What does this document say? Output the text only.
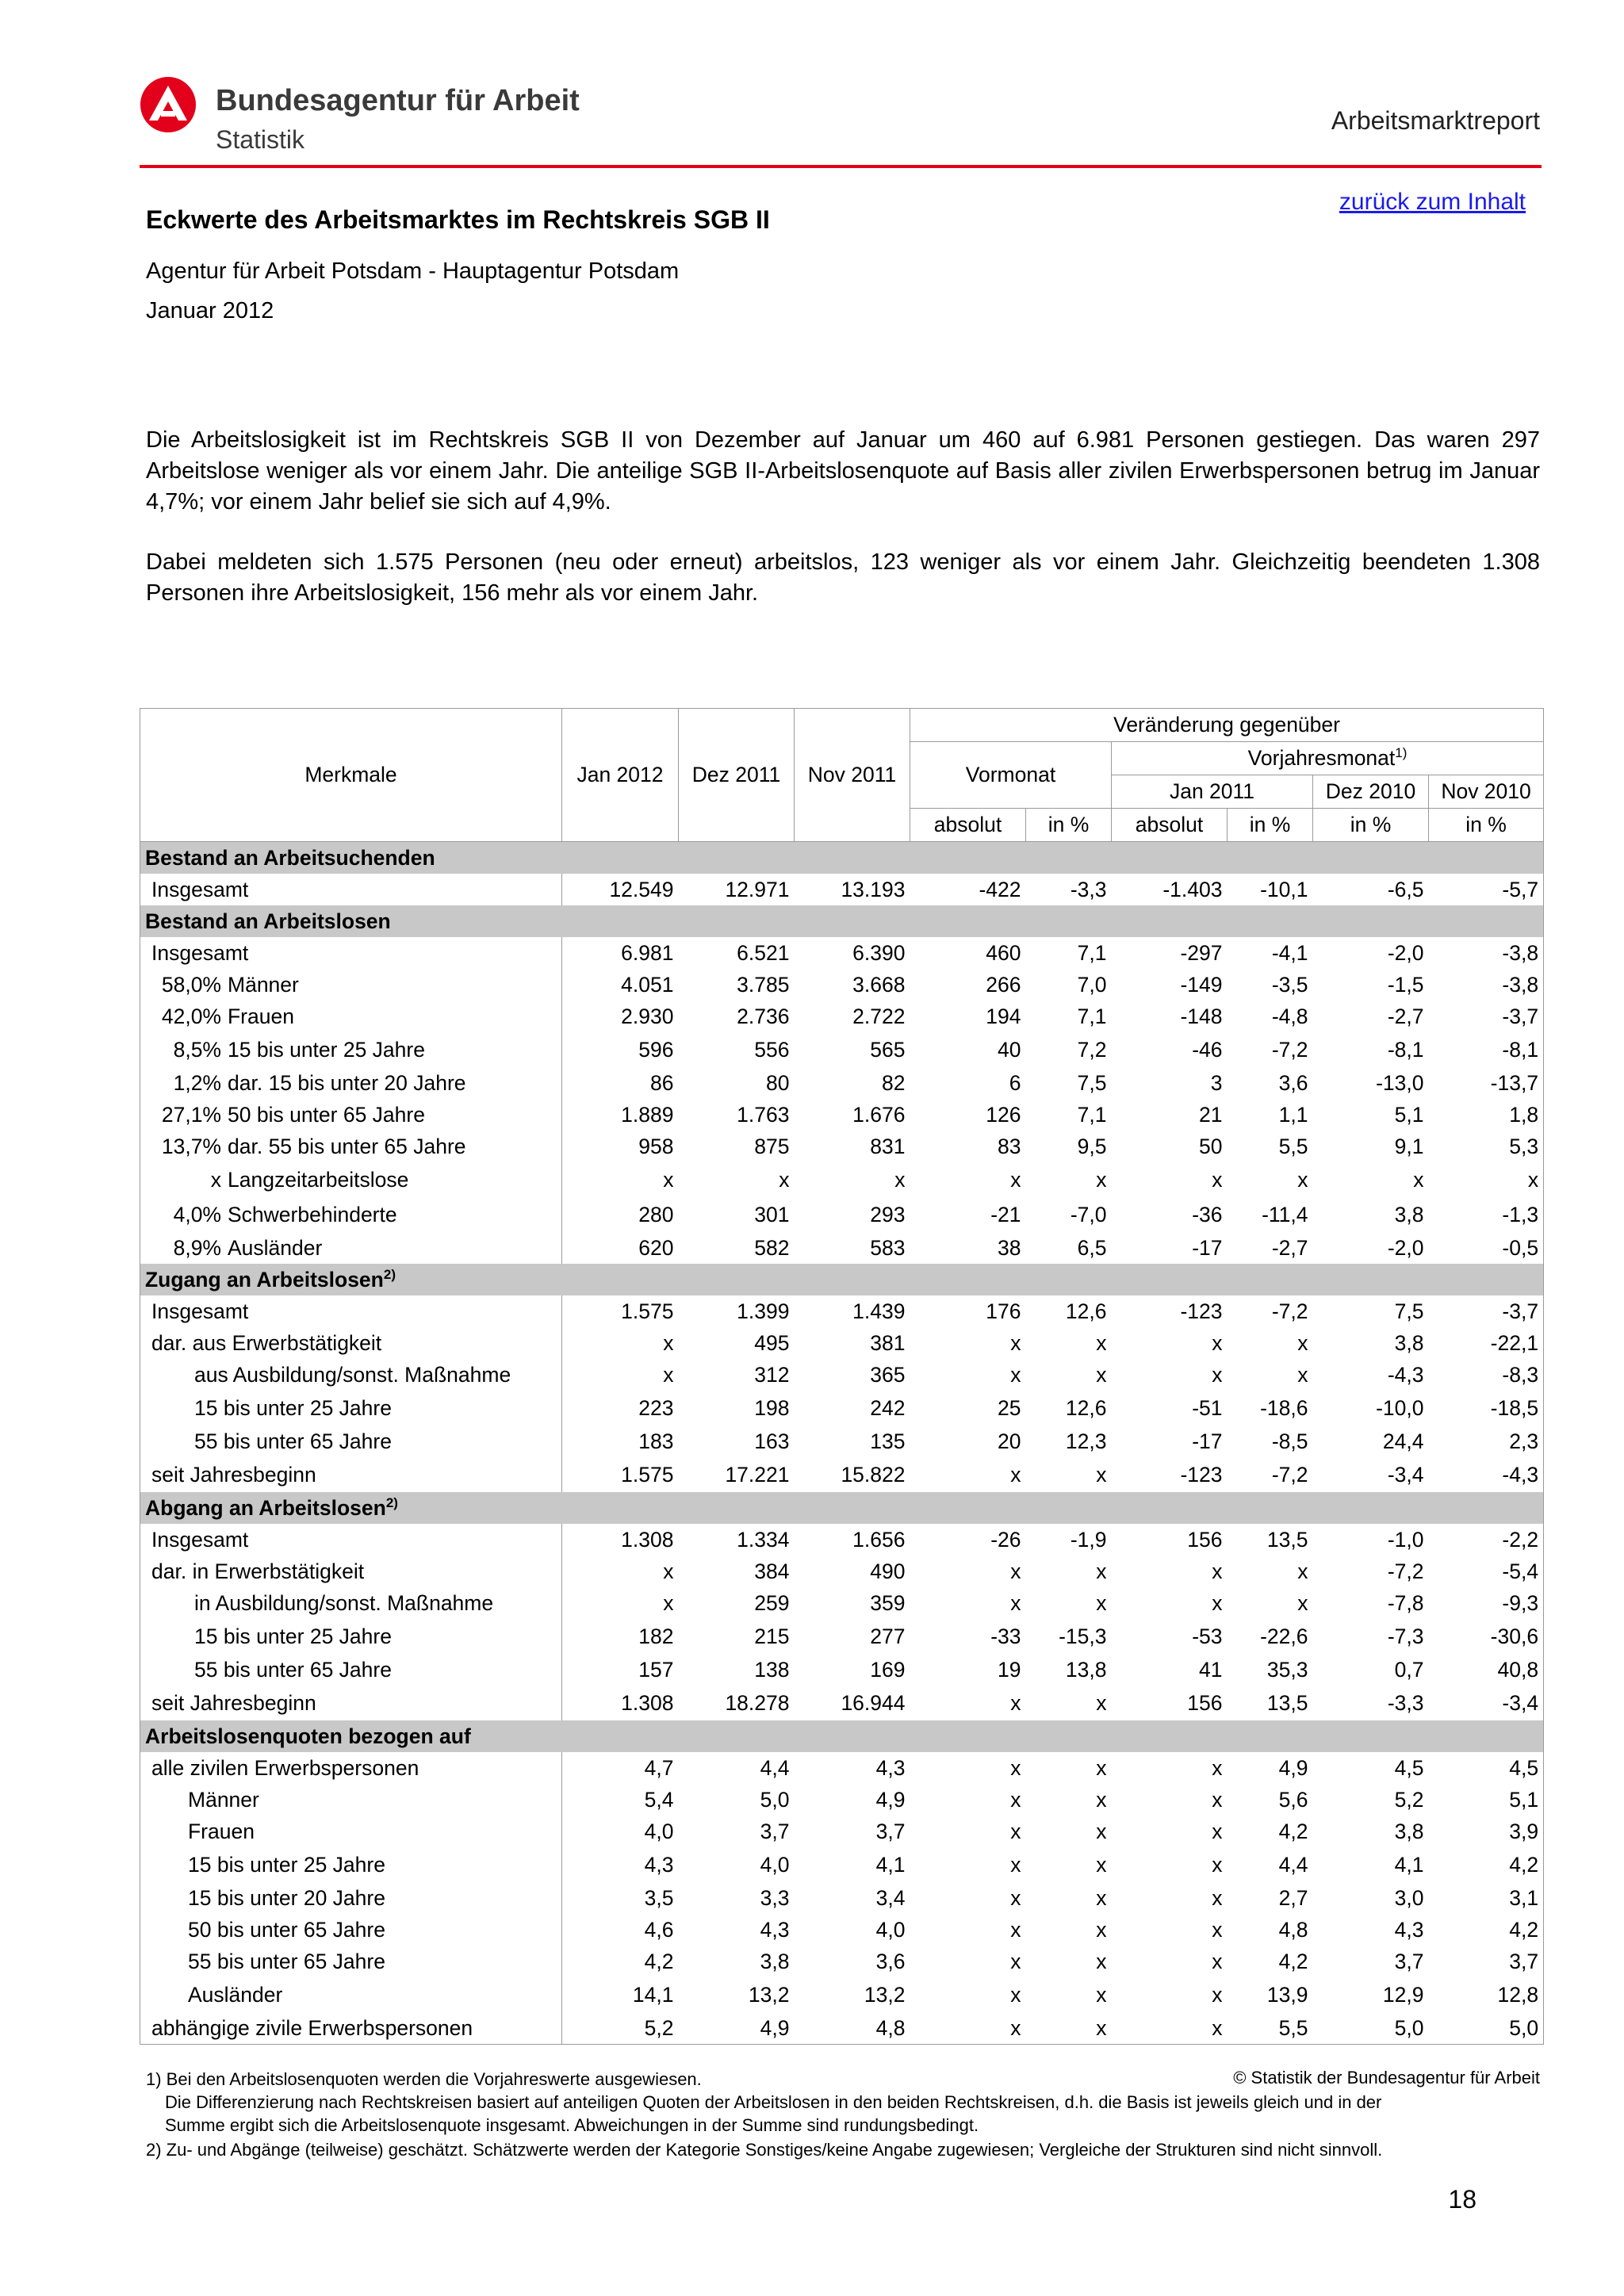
Bundesagentur für Arbeit
Statistik
Arbeitsmarktreport
zurück zum Inhalt
Eckwerte des Arbeitsmarktes im Rechtskreis SGB II
Agentur für Arbeit Potsdam - Hauptagentur Potsdam
Januar 2012

Die Arbeitslosigkeit ist im Rechtskreis SGB II von Dezember auf Januar um 460 auf 6.981 Personen gestiegen. Das waren 297 Arbeitslose weniger als vor einem Jahr. Die anteilige SGB II-Arbeitslosenquote auf Basis aller zivilen Erwerbspersonen betrug im Januar 4,7%; vor einem Jahr belief sie sich auf 4,9%.

Dabei meldeten sich 1.575 Personen (neu oder erneut) arbeitslos, 123 weniger als vor einem Jahr. Gleichzeitig beendeten 1.308 Personen ihre Arbeitslosigkeit, 156 mehr als vor einem Jahr.

Merkmale	Jan 2012	Dez 2011	Nov 2011	Veränderung gegenüber					
				Vormonat		Vorjahresmonat$^{1)}$
						Jan 2011		Dez 2010	Nov 2010
				absolut	in %	absolut	in %	in %	in %
Bestand an Arbeitsuchenden									
Insgesamt	12.549	12.971	13.193	-422	-3,3	-1.403	-10,1	-6,5	-5,7
Bestand an Arbeitslosen									
Insgesamt	6.981	6.521	6.390	460	7,1	-297	-4,1	-2,0	-3,8
58,0% Männer	4.051	3.785	3.668	266	7,0	-149	-3,5	-1,5	-3,8
42,0% Frauen	2.930	2.736	2.722	194	7,1	-148	-4,8	-2,7	-3,7
8,5% 15 bis unter 25 Jahre	596	556	565	40	7,2	-46	-7,2	-8,1	-8,1
1,2% dar. 15 bis unter 20 Jahre	86	80	82	6	7,5	3	3,6	-13,0	-13,7
27,1% 50 bis unter 65 Jahre	1.889	1.763	1.676	126	7,1	21	1,1	5,1	1,8
13,7% dar. 55 bis unter 65 Jahre	958	875	831	83	9,5	50	5,5	9,1	5,3
x Langzeitarbeitslose	x	x	x	x	x	x	x	x	x
4,0% Schwerbehinderte	280	301	293	-21	-7,0	-36	-11,4	3,8	-1,3
8,9% Ausländer	620	582	583	38	6,5	-17	-2,7	-2,0	-0,5
Zugang an Arbeitslosen$^{2)}$	
Insgesamt	1.575	1.399	1.439	176	12,6	-123	-7,2	7,5	-3,7
dar. aus Erwerbstätigkeit	x	495	381	x	x	x	x	3,8	-22,1
aus Ausbildung/sonst. Maßnahme	x	312	365	x	x	x	x	-4,3	-8,3
15 bis unter 25 Jahre	223	198	242	25	12,6	-51	-18,6	-10,0	-18,5
55 bis unter 65 Jahre	183	163	135	20	12,3	-17	-8,5	24,4	2,3
seit Jahresbeginn	1.575	17.221	15.822	x	x	-123	-7,2	-3,4	-4,3
Abgang an Arbeitslosen$^{2)}$	
Insgesamt	1.308	1.334	1.656	-26	-1,9	156	13,5	-1,0	-2,2
dar. in Erwerbstätigkeit	x	384	490	x	x	x	x	-7,2	-5,4
in Ausbildung/sonst. Maßnahme	x	259	359	x	x	x	x	-7,8	-9,3
15 bis unter 25 Jahre	182	215	277	-33	-15,3	-53	-22,6	-7,3	-30,6
55 bis unter 65 Jahre	157	138	169	19	13,8	41	35,3	0,7	40,8
seit Jahresbeginn	1.308	18.278	16.944	x	x	156	13,5	-3,3	-3,4
Arbeitslosenquoten bezogen auf									
alle zivilen Erwerbspersonen	4,7	4,4	4,3	x	x	x	4,9	4,5	4,5
Männer	5,4	5,0	4,9	x	x	x	5,6	5,2	5,1
Frauen	4,0	3,7	3,7	x	x	x	4,2	3,8	3,9
15 bis unter 25 Jahre	4,3	4,0	4,1	x	x	x	4,4	4,1	4,2
15 bis unter 20 Jahre	3,5	3,3	3,4	x	x	x	2,7	3,0	3,1
50 bis unter 65 Jahre	4,6	4,3	4,0	x	x	x	4,8	4,3	4,2
55 bis unter 65 Jahre	4,2	3,8	3,6	x	x	x	4,2	3,7	3,7
Ausländer	14,1	13,2	13,2	x	x	x	13,9	12,9	12,8
abhängige zivile Erwerbspersonen	5,2	4,9	4,8	x	x	x	5,5	5,0	5,0

1) Bei den Arbeitslosenquoten werden die Vorjahreswerte ausgewiesen.

Die Differenzierung nach Rechtskreisen basiert auf anteiligen Quoten der Arbeitslosen in den beiden Rechtskreisen, d.h. die Basis ist jeweils gleich und in der

Summe ergibt sich die Arbeitslosenquote insgesamt. Abweichungen in der Summe sind rundungsbedingt.

2) Zu- und Abgänge (teilweise) geschätzt. Schätzwerte werden der Kategorie Sonstiges/keine Angabe zugewiesen; Vergleiche der Strukturen sind nicht sinnvoll.

© Statistik der Bundesagentur für Arbeit
18
